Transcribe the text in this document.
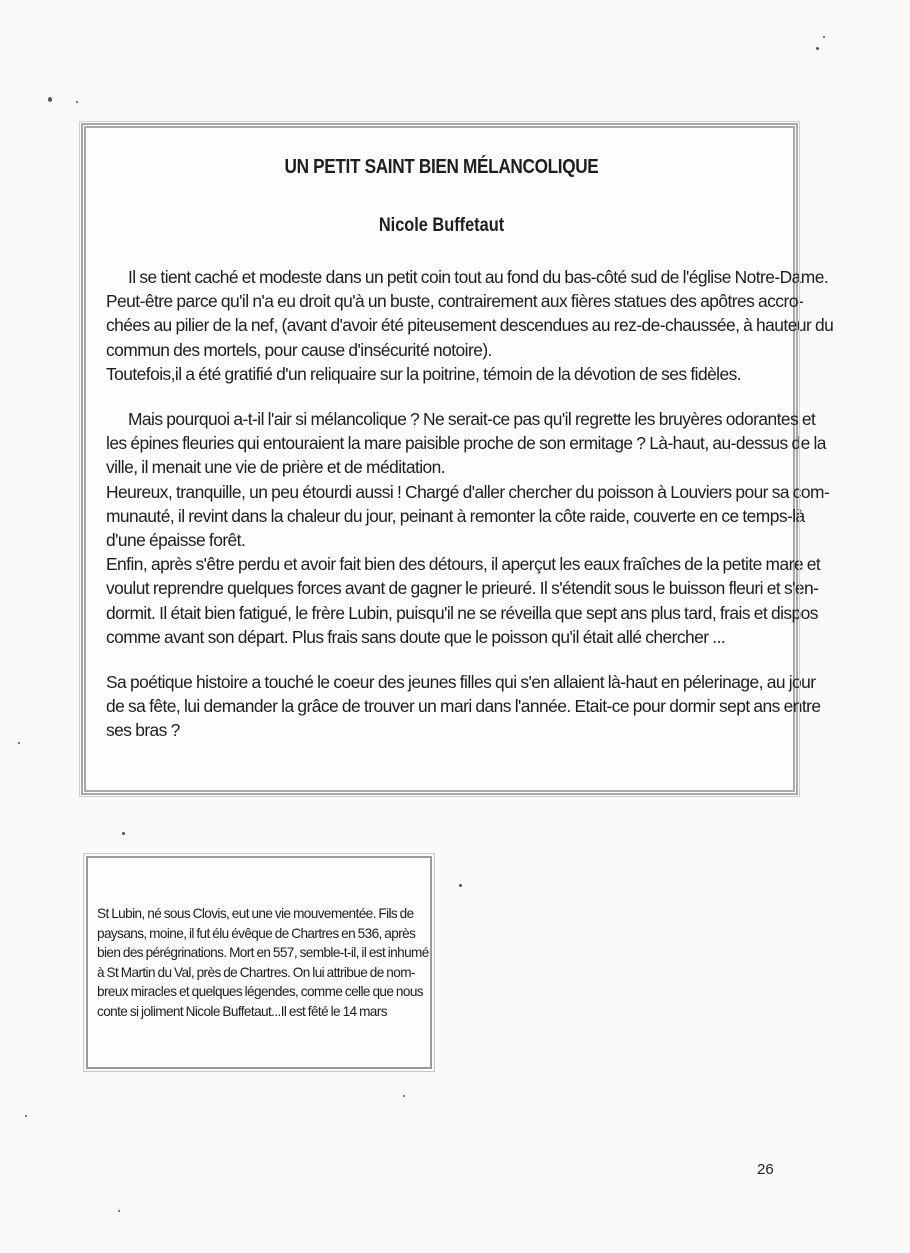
UN PETIT SAINT BIEN MÉLANCOLIQUE
Nicole Buffetaut
Il se tient caché et modeste dans un petit coin tout au fond du bas-côté sud de l'église Notre-Dame.
Peut-être parce qu'il n'a eu droit qu'à un buste, contrairement aux fières statues des apôtres accro-
chées au pilier de la nef, (avant d'avoir été piteusement descendues au rez-de-chaussée, à hauteur du
commun des mortels, pour cause d'insécurité notoire).
Toutefois,il a été gratifié d'un reliquaire sur la poitrine, témoin de la dévotion de ses fidèles.
Mais pourquoi a-t-il l'air si mélancolique ? Ne serait-ce pas qu'il regrette les bruyères odorantes et
les épines fleuries qui entouraient la mare paisible proche de son ermitage ? Là-haut, au-dessus de la
ville, il menait une vie de prière et de méditation.
Heureux, tranquille, un peu étourdi aussi ! Chargé d'aller chercher du poisson à Louviers pour sa com-
munauté, il revint dans la chaleur du jour, peinant à remonter la côte raide, couverte en ce temps-là
d'une épaisse forêt.
Enfin, après s'être perdu et avoir fait bien des détours, il aperçut les eaux fraîches de la petite mare et
voulut reprendre quelques forces avant de gagner le prieuré. Il s'étendit sous le buisson fleuri et s'en-
dormit. Il était bien fatigué, le frère Lubin, puisqu'il ne se réveilla que sept ans plus tard, frais et dispos
comme avant son départ. Plus frais sans doute que le poisson qu'il était allé chercher ...
Sa poétique histoire a touché le coeur des jeunes filles qui s'en allaient là-haut en pélerinage, au jour
de sa fête, lui demander la grâce de trouver un mari dans l'année. Etait-ce pour dormir sept ans entre
ses bras ?
St Lubin, né sous Clovis, eut une vie mouvementée. Fils de
paysans, moine, il fut élu évêque de Chartres en 536, après
bien des pérégrinations. Mort en 557, semble-t-il, il est inhumé
à St Martin du Val, près de Chartres. On lui attribue de nom-
breux miracles et quelques légendes, comme celle que nous
conte si joliment Nicole Buffetaut...Il est fêté le 14 mars
26
